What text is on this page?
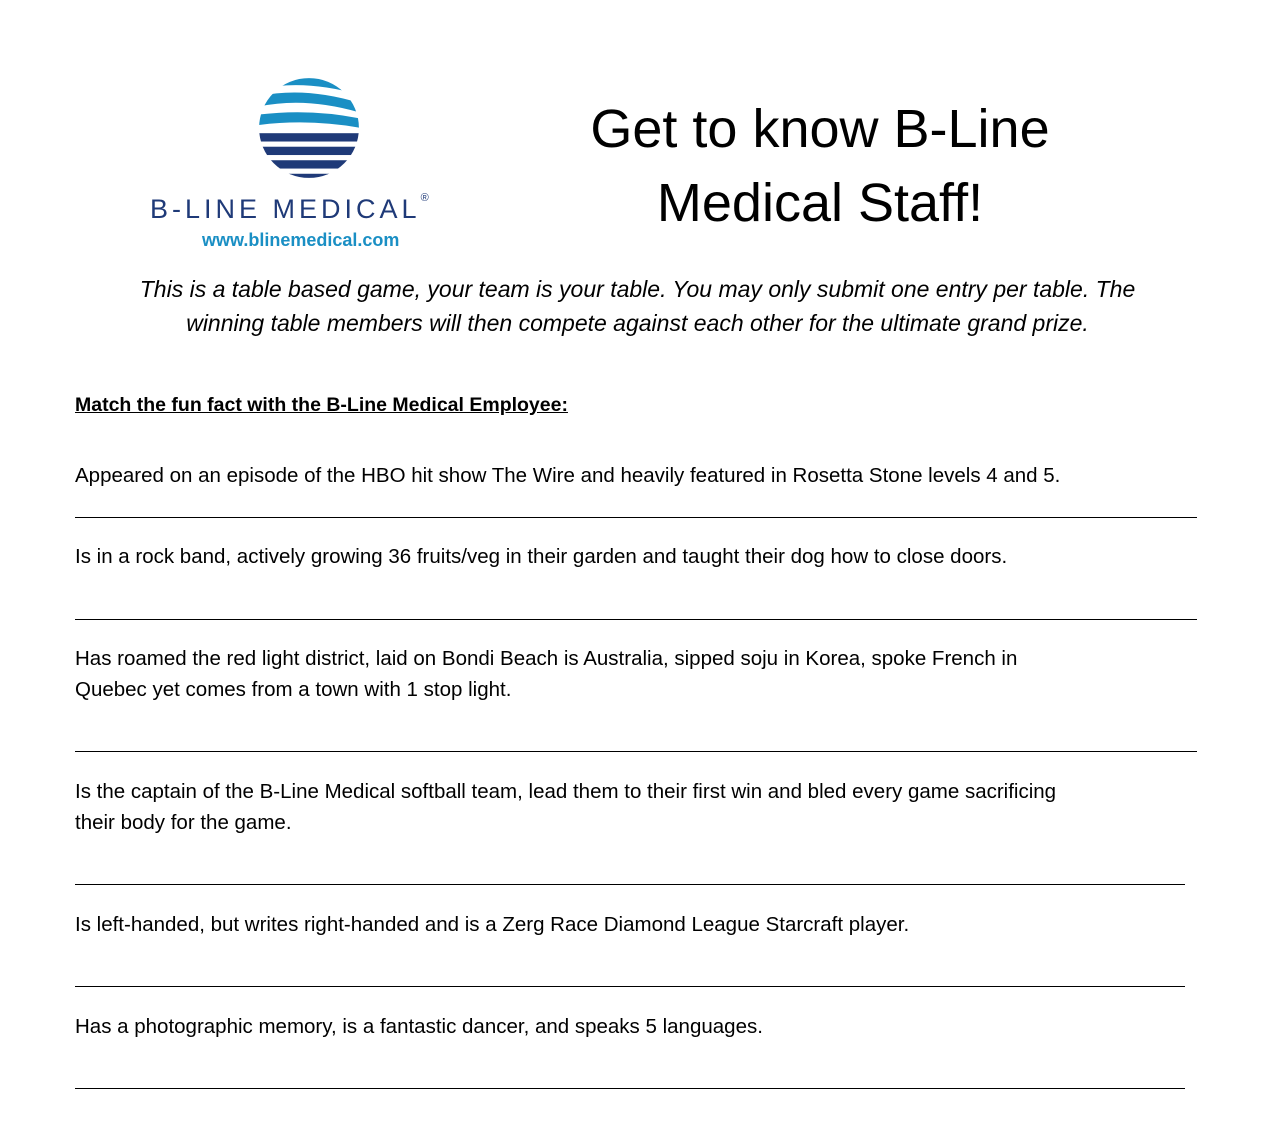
B-LINE MEDICAL®
www.blinemedical.com
Get to know B-Line
Medical Staff!

This is a table based game, your team is your table. You may only submit one entry per table. The
winning table members will then compete against each other for the ultimate grand prize.

Match the fun fact with the B-Line Medical Employee:

Appeared on an episode of the HBO hit show The Wire and heavily featured in Rosetta Stone levels 4 and 5.

Is in a rock band, actively growing 36 fruits/veg in their garden and taught their dog how to close doors.

Has roamed the red light district, laid on Bondi Beach is Australia, sipped soju in Korea, spoke French in
Quebec yet comes from a town with 1 stop light.

Is the captain of the B-Line Medical softball team, lead them to their first win and bled every game sacrificing
their body for the game.

Is left-handed, but writes right-handed and is a Zerg Race Diamond League Starcraft player.

Has a photographic memory, is a fantastic dancer, and speaks 5 languages.
